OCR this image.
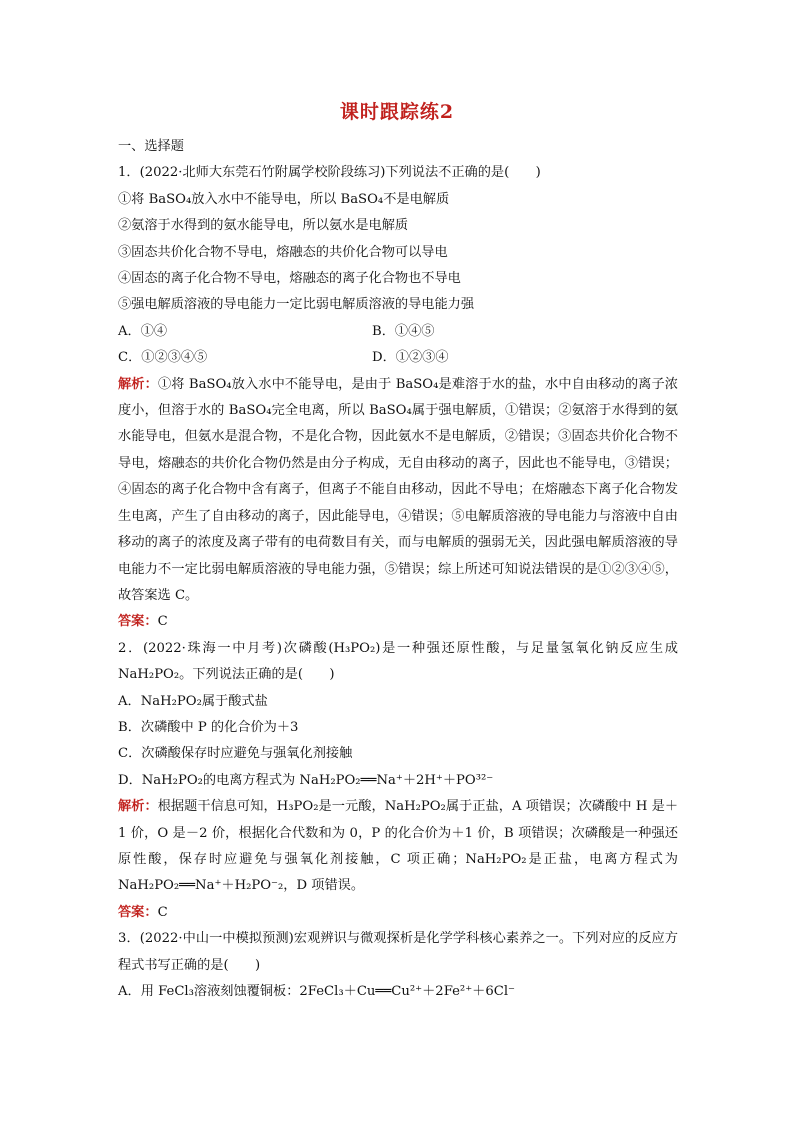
课时跟踪练2
一、选择题
1．(2022·北师大东莞石竹附属学校阶段练习)下列说法不正确的是(　　)
①将 BaSO₄放入水中不能导电，所以 BaSO₄不是电解质
②氨溶于水得到的氨水能导电，所以氨水是电解质
③固态共价化合物不导电，熔融态的共价化合物可以导电
④固态的离子化合物不导电，熔融态的离子化合物也不导电
⑤强电解质溶液的导电能力一定比弱电解质溶液的导电能力强
A．①④	B．①④⑤
C．①②③④⑤	D．①②③④
解析：①将 BaSO₄放入水中不能导电，是由于 BaSO₄是难溶于水的盐，水中自由移动的离子浓度小，但溶于水的 BaSO₄完全电离，所以 BaSO₄属于强电解质，①错误；②氨溶于水得到的氨水能导电，但氨水是混合物，不是化合物，因此氨水不是电解质，②错误；③固态共价化合物不导电，熔融态的共价化合物仍然是由分子构成，无自由移动的离子，因此也不能导电，③错误；④固态的离子化合物中含有离子，但离子不能自由移动，因此不导电；在熔融态下离子化合物发生电离，产生了自由移动的离子，因此能导电，④错误；⑤电解质溶液的导电能力与溶液中自由移动的离子的浓度及离子带有的电荷数目有关，而与电解质的强弱无关，因此强电解质溶液的导电能力不一定比弱电解质溶液的导电能力强，⑤错误；综上所述可知说法错误的是①②③④⑤，故答案选 C。
答案：C
2．(2022·珠海一中月考)次磷酸(H₃PO₂)是一种强还原性酸，与足量氢氧化钠反应生成NaH₂PO₂。下列说法正确的是(　　)
A．NaH₂PO₂属于酸式盐
B．次磷酸中 P 的化合价为＋3
C．次磷酸保存时应避免与强氧化剂接触
D．NaH₂PO₂的电离方程式为 NaH₂PO₂══Na⁺＋2H⁺＋PO³²⁻
解析：根据题干信息可知，H₃PO₂是一元酸，NaH₂PO₂属于正盐，A 项错误；次磷酸中 H 是＋1 价，O 是－2 价，根据化合代数和为 0，P 的化合价为＋1 价，B 项错误；次磷酸是一种强还原性酸，保存时应避免与强氧化剂接触，C 项正确；NaH₂PO₂是正盐，电离方程式为 NaH₂PO₂══Na⁺＋H₂PO⁻₂，D 项错误。
答案：C
3．(2022·中山一中模拟预测)宏观辨识与微观探析是化学学科核心素养之一。下列对应的反应方程式书写正确的是(　　)
A．用 FeCl₃溶液刻蚀覆铜板：2FeCl₃＋Cu══Cu²⁺＋2Fe²⁺＋6Cl⁻
